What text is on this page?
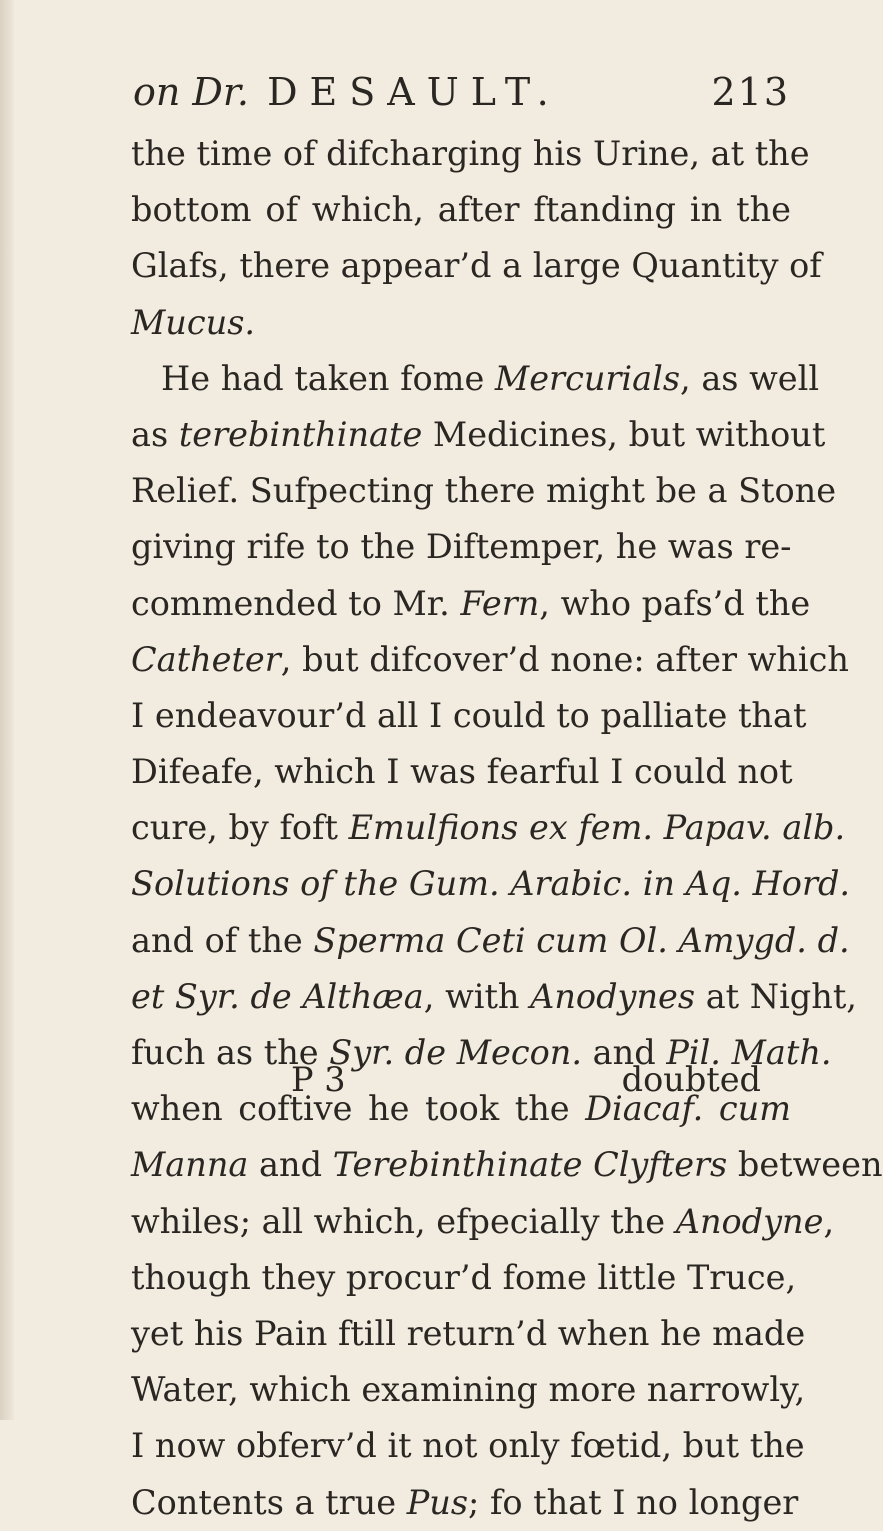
on Dr. DESAULT.	213
the time of difcharging his Urine, at the
bottom of which, after ftanding in the
Glafs, there appear’d a large Quantity of
Mucus.
He had taken fome Mercurials, as well
as terebinthinate Medicines, but without
Relief. Sufpecting there might be a Stone
giving rife to the Diftemper, he was re-
commended to Mr. Fern, who pafs’d the
Catheter, but difcover’d none: after which
I endeavour’d all I could to palliate that
Difeafe, which I was fearful I could not
cure, by foft Emulfions ex fem. Papav. alb.
Solutions of the Gum. Arabic. in Aq. Hord.
and of the Sperma Ceti cum Ol. Amygd. d.
et Syr. de Althæa, with Anodynes at Night,
fuch as the Syr. de Mecon. and Pil. Math.
when coftive he took the Diacaf. cum
Manna and Terebinthinate Clyfters between
whiles; all which, efpecially the Anodyne,
though they procur’d fome little Truce,
yet his Pain ftill return’d when he made
Water, which examining more narrowly,
I now obferv’d it not only fœtid, but the
Contents a true Pus; fo that I no longer
P 3	doubted
